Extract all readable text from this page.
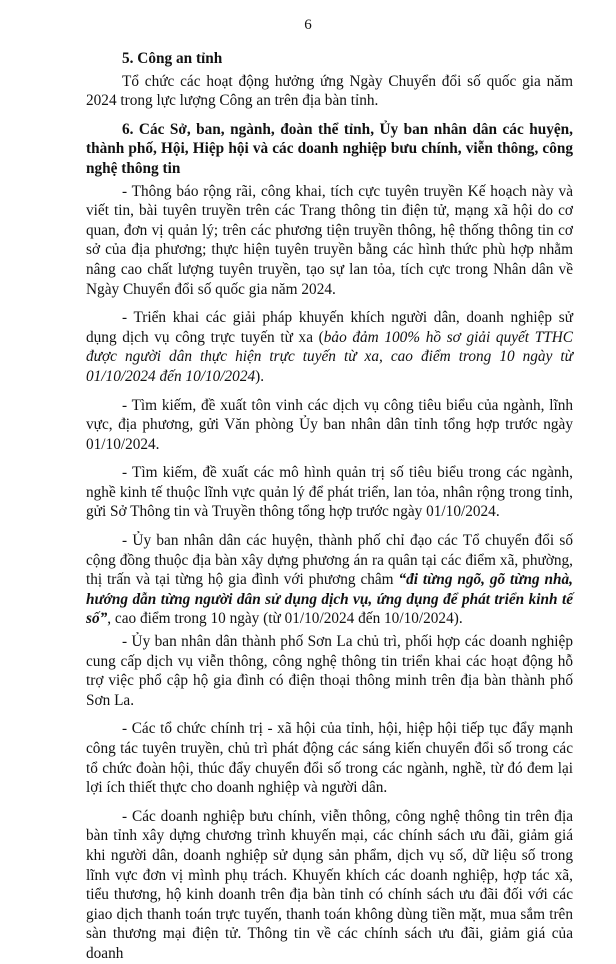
6
5. Công an tỉnh

Tổ chức các hoạt động hưởng ứng Ngày Chuyển đổi số quốc gia năm 2024 trong lực lượng Công an trên địa bàn tỉnh.

6. Các Sở, ban, ngành, đoàn thể tỉnh, Ủy ban nhân dân các huyện, thành phố, Hội, Hiệp hội và các doanh nghiệp bưu chính, viễn thông, công nghệ thông tin

- Thông báo rộng rãi, công khai, tích cực tuyên truyền Kế hoạch này và viết tin, bài tuyên truyền trên các Trang thông tin điện tử, mạng xã hội do cơ quan, đơn vị quản lý; trên các phương tiện truyền thông, hệ thống thông tin cơ sở của địa phương; thực hiện tuyên truyền bằng các hình thức phù hợp nhằm nâng cao chất lượng tuyên truyền, tạo sự lan tỏa, tích cực trong Nhân dân về Ngày Chuyển đổi số quốc gia năm 2024.

- Triển khai các giải pháp khuyến khích người dân, doanh nghiệp sử dụng dịch vụ công trực tuyến từ xa (bảo đảm 100% hồ sơ giải quyết TTHC được người dân thực hiện trực tuyến từ xa, cao điểm trong 10 ngày từ 01/10/2024 đến 10/10/2024).

- Tìm kiếm, đề xuất tôn vinh các dịch vụ công tiêu biểu của ngành, lĩnh vực, địa phương, gửi Văn phòng Ủy ban nhân dân tỉnh tổng hợp trước ngày 01/10/2024.

- Tìm kiếm, đề xuất các mô hình quản trị số tiêu biểu trong các ngành, nghề kinh tế thuộc lĩnh vực quản lý để phát triển, lan tỏa, nhân rộng trong tỉnh, gửi Sở Thông tin và Truyền thông tổng hợp trước ngày 01/10/2024.

- Ủy ban nhân dân các huyện, thành phố chỉ đạo các Tổ chuyển đổi số cộng đồng thuộc địa bàn xây dựng phương án ra quân tại các điểm xã, phường, thị trấn và tại từng hộ gia đình với phương châm “đi từng ngõ, gõ từng nhà, hướng dẫn từng người dân sử dụng dịch vụ, ứng dụng để phát triển kinh tế số”, cao điểm trong 10 ngày (từ 01/10/2024 đến 10/10/2024).

- Ủy ban nhân dân thành phố Sơn La chủ trì, phối hợp các doanh nghiệp cung cấp dịch vụ viễn thông, công nghệ thông tin triển khai các hoạt động hỗ trợ việc phổ cập hộ gia đình có điện thoại thông minh trên địa bàn thành phố Sơn La.

- Các tổ chức chính trị - xã hội của tỉnh, hội, hiệp hội tiếp tục đẩy mạnh công tác tuyên truyền, chủ trì phát động các sáng kiến chuyển đổi số trong các tổ chức đoàn hội, thúc đẩy chuyển đổi số trong các ngành, nghề, từ đó đem lại lợi ích thiết thực cho doanh nghiệp và người dân.

- Các doanh nghiệp bưu chính, viễn thông, công nghệ thông tin trên địa bàn tỉnh xây dựng chương trình khuyến mại, các chính sách ưu đãi, giảm giá khi người dân, doanh nghiệp sử dụng sản phẩm, dịch vụ số, dữ liệu số trong lĩnh vực đơn vị mình phụ trách. Khuyến khích các doanh nghiệp, hợp tác xã, tiểu thương, hộ kinh doanh trên địa bàn tỉnh có chính sách ưu đãi đối với các giao dịch thanh toán trực tuyến, thanh toán không dùng tiền mặt, mua sắm trên sàn thương mại điện tử. Thông tin về các chính sách ưu đãi, giảm giá của doanh
